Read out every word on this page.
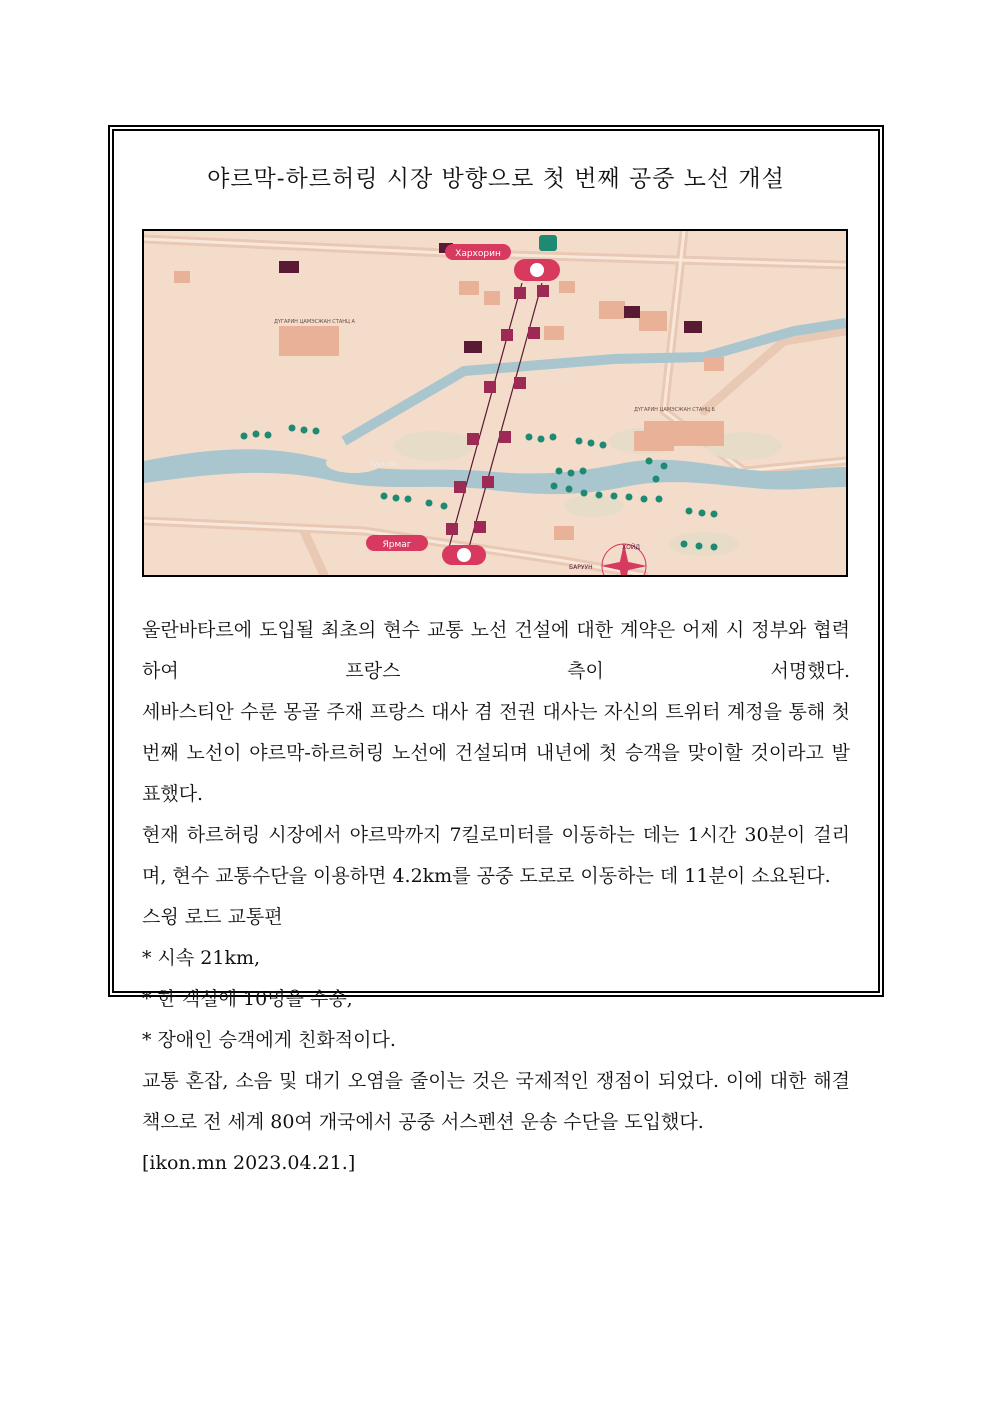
야르막-하르허링 시장 방향으로 첫 번째 공중 노선 개설
Хархорин
Ярмаг
ДҮГАРИН ЦАМЭСЖАН СТАНЦ А
ДҮГАРИН ЦАМЭСЖАН СТАНЦ Б
Туул гол
ХОЙД
БАРУУН

울란바타르에 도입될 최초의 현수 교통 노선 건설에 대한 계약은 어제 시 정부와 협력하여 프랑스 측이 서명했다.

세바스티안 수룬 몽골 주재 프랑스 대사 겸 전권 대사는 자신의 트위터 계정을 통해 첫 번째 노선이 야르막-하르허링 노선에 건설되며 내년에 첫 승객을 맞이할 것이라고 발표했다.

현재 하르허링 시장에서 야르막까지 7킬로미터를 이동하는 데는 1시간 30분이 걸리며, 현수 교통수단을 이용하면 4.2km를 공중 도로로 이동하는 데 11분이 소요된다.

스윙 로드 교통편

* 시속 21km,

* 한 객실에 10명을 수송,

* 장애인 승객에게 친화적이다.

교통 혼잡, 소음 및 대기 오염을 줄이는 것은 국제적인 쟁점이 되었다. 이에 대한 해결책으로 전 세계 80여 개국에서 공중 서스펜션 운송 수단을 도입했다.

[ikon.mn 2023.04.21.]
